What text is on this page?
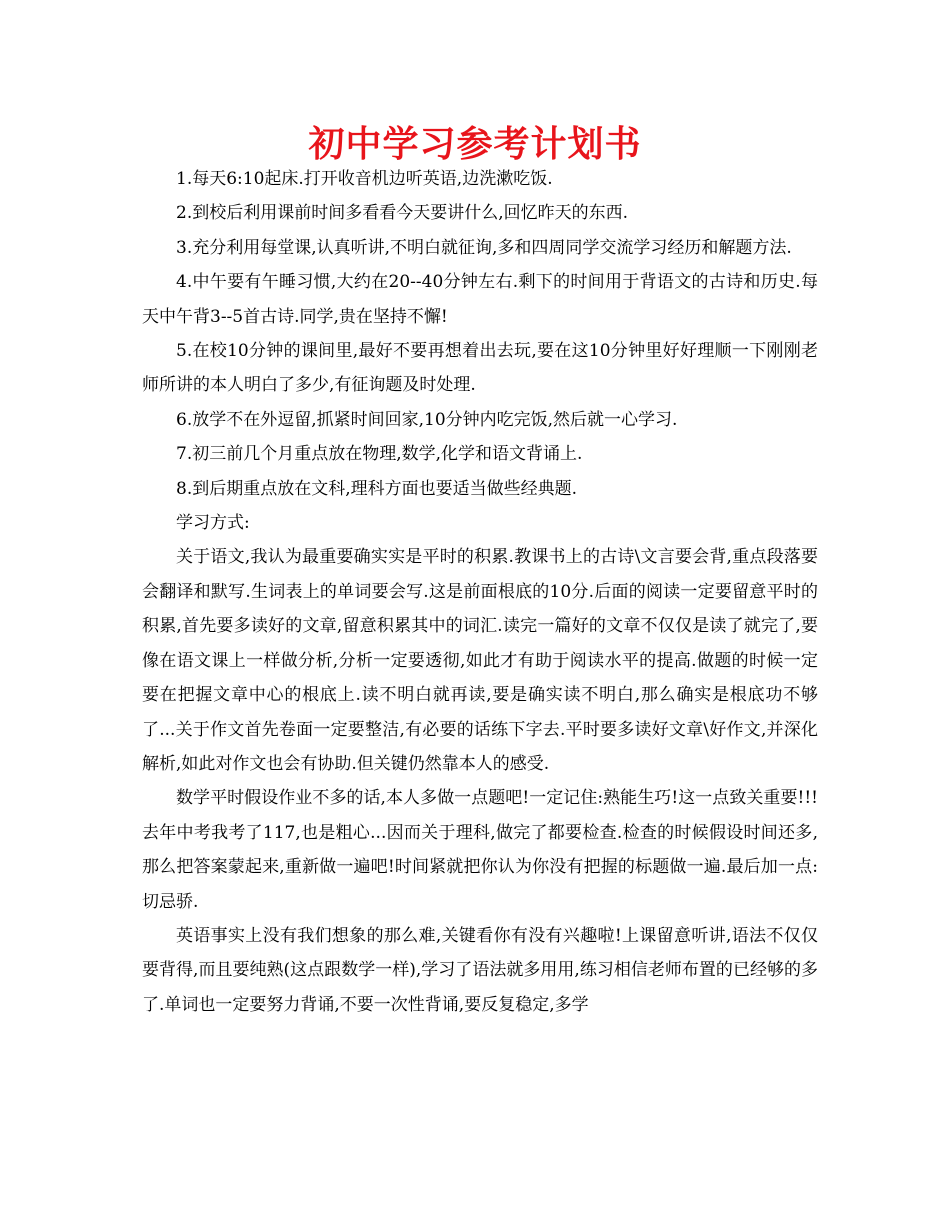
初中学习参考计划书

1.每天6:10起床.打开收音机边听英语,边洗漱吃饭.

2.到校后利用课前时间多看看今天要讲什么,回忆昨天的东西.

3.充分利用每堂课,认真听讲,不明白就征询,多和四周同学交流学习经历和解题方法.

4.中午要有午睡习惯,大约在20--40分钟左右.剩下的时间用于背语文的古诗和历史.每天中午背3--5首古诗.同学,贵在坚持不懈!

5.在校10分钟的课间里,最好不要再想着出去玩,要在这10分钟里好好理顺一下刚刚老师所讲的本人明白了多少,有征询题及时处理.

6.放学不在外逗留,抓紧时间回家,10分钟内吃完饭,然后就一心学习.

7.初三前几个月重点放在物理,数学,化学和语文背诵上.

8.到后期重点放在文科,理科方面也要适当做些经典题.

学习方式:

关于语文,我认为最重要确实实是平时的积累.教课书上的古诗\文言要会背,重点段落要会翻译和默写.生词表上的单词要会写.这是前面根底的10分.后面的阅读一定要留意平时的积累,首先要多读好的文章,留意积累其中的词汇.读完一篇好的文章不仅仅是读了就完了,要像在语文课上一样做分析,分析一定要透彻,如此才有助于阅读水平的提高.做题的时候一定要在把握文章中心的根底上.读不明白就再读,要是确实读不明白,那么确实是根底功不够了...关于作文首先卷面一定要整洁,有必要的话练下字去.平时要多读好文章\好作文,并深化解析,如此对作文也会有协助.但关键仍然靠本人的感受.

数学平时假设作业不多的话,本人多做一点题吧!一定记住:熟能生巧!这一点致关重要!!!去年中考我考了117,也是粗心...因而关于理科,做完了都要检查.检查的时候假设时间还多,那么把答案蒙起来,重新做一遍吧!时间紧就把你认为你没有把握的标题做一遍.最后加一点:切忌骄.

英语事实上没有我们想象的那么难,关键看你有没有兴趣啦!上课留意听讲,语法不仅仅要背得,而且要纯熟(这点跟数学一样),学习了语法就多用用,练习相信老师布置的已经够的多了.单词也一定要努力背诵,不要一次性背诵,要反复稳定,多学
